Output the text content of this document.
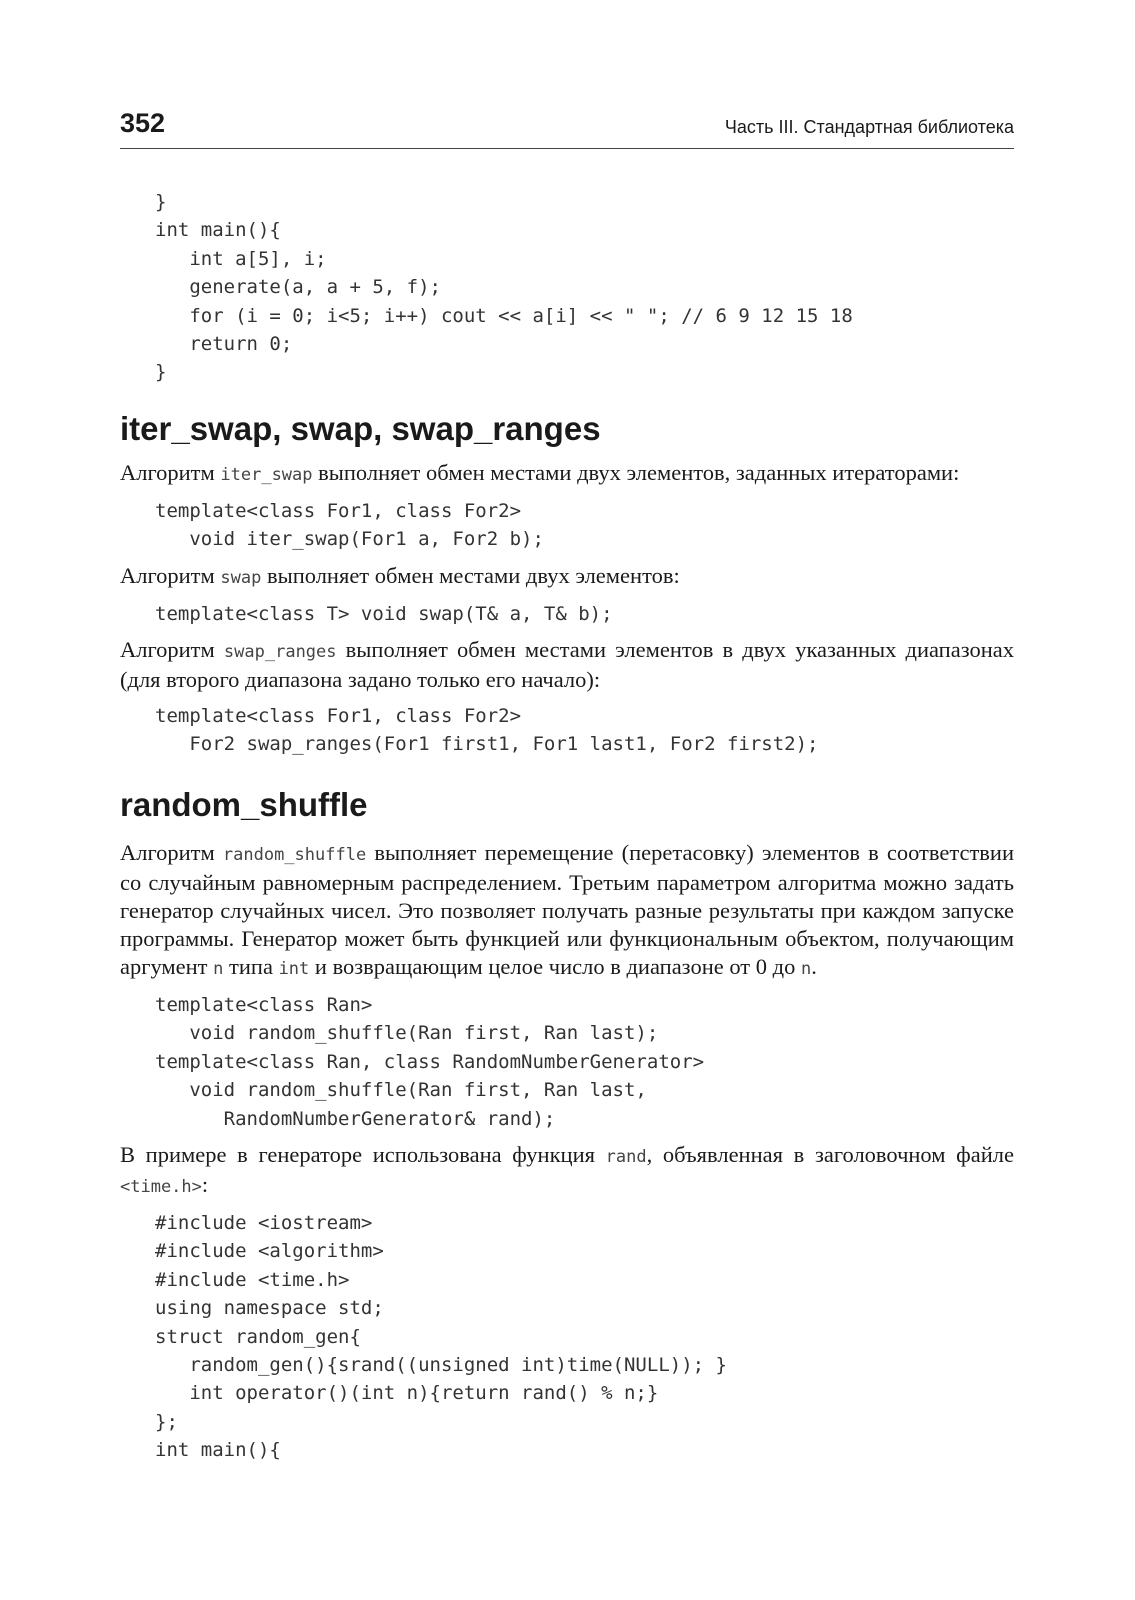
352	Часть III. Стандартная библиотека
}
int main(){
int a[5], i;
generate(a, a + 5, f);
for (i = 0; i<5; i++) cout << a[i] << " "; // 6 9 12 15 18
return 0;
}
iter_swap, swap, swap_ranges

Алгоритм iter_swap выполняет обмен местами двух элементов, заданных итераторами:

template<class For1, class For2>
void iter_swap(For1 a, For2 b);

Алгоритм swap выполняет обмен местами двух элементов:

template<class T> void swap(T& a, T& b);

Алгоритм swap_ranges выполняет обмен местами элементов в двух указанных диапазонах (для второго диапазона задано только его начало):

template<class For1, class For2>
For2 swap_ranges(For1 first1, For1 last1, For2 first2);
random_shuffle

Алгоритм random_shuffle выполняет перемещение (перетасовку) элементов в соответствии со случайным равномерным распределением. Третьим параметром алгоритма можно задать генератор случайных чисел. Это позволяет получать разные результаты при каждом запуске программы. Генератор может быть функцией или функциональным объектом, получающим аргумент n типа int и возвращающим целое число в диапазоне от 0 до n.

template<class Ran>
void random_shuffle(Ran first, Ran last);
template<class Ran, class RandomNumberGenerator>
void random_shuffle(Ran first, Ran last,
RandomNumberGenerator& rand);

В примере в генераторе использована функция rand, объявленная в заголовочном файле <time.h>:

#include <iostream>
#include <algorithm>
#include <time.h>
using namespace std;
struct random_gen{
random_gen(){srand((unsigned int)time(NULL)); }
int operator()(int n){return rand() % n;}
};
int main(){
